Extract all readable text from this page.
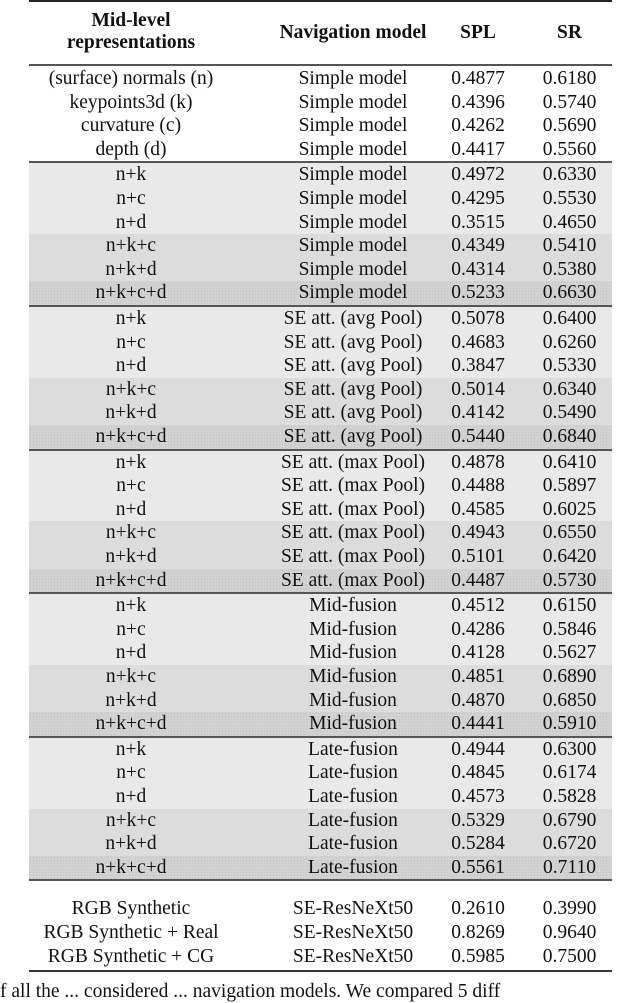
Mid-level
representations	Navigation model	SPL	SR
(surface) normals (n)	Simple model	0.4877	0.6180
keypoints3d (k)	Simple model	0.4396	0.5740
curvature (c)	Simple model	0.4262	0.5690
depth (d)	Simple model	0.4417	0.5560
n+k	Simple model	0.4972	0.6330
n+c	Simple model	0.4295	0.5530
n+d	Simple model	0.3515	0.4650
n+k+c	Simple model	0.4349	0.5410
n+k+d	Simple model	0.4314	0.5380
n+k+c+d	Simple model	0.5233	0.6630
n+k	SE att. (avg Pool)	0.5078	0.6400
n+c	SE att. (avg Pool)	0.4683	0.6260
n+d	SE att. (avg Pool)	0.3847	0.5330
n+k+c	SE att. (avg Pool)	0.5014	0.6340
n+k+d	SE att. (avg Pool)	0.4142	0.5490
n+k+c+d	SE att. (avg Pool)	0.5440	0.6840
n+k	SE att. (max Pool)	0.4878	0.6410
n+c	SE att. (max Pool)	0.4488	0.5897
n+d	SE att. (max Pool)	0.4585	0.6025
n+k+c	SE att. (max Pool)	0.4943	0.6550
n+k+d	SE att. (max Pool)	0.5101	0.6420
n+k+c+d	SE att. (max Pool)	0.4487	0.5730
n+k	Mid-fusion	0.4512	0.6150
n+c	Mid-fusion	0.4286	0.5846
n+d	Mid-fusion	0.4128	0.5627
n+k+c	Mid-fusion	0.4851	0.6890
n+k+d	Mid-fusion	0.4870	0.6850
n+k+c+d	Mid-fusion	0.4441	0.5910
n+k	Late-fusion	0.4944	0.6300
n+c	Late-fusion	0.4845	0.6174
n+d	Late-fusion	0.4573	0.5828
n+k+c	Late-fusion	0.5329	0.6790
n+k+d	Late-fusion	0.5284	0.6720
n+k+c+d	Late-fusion	0.5561	0.7110
RGB Synthetic	SE-ResNeXt50	0.2610	0.3990
RGB Synthetic + Real	SE-ResNeXt50	0.8269	0.9640
RGB Synthetic + CG	SE-ResNeXt50	0.5985	0.7500
f all the ... considered ... navigation models. We compared 5 diff
